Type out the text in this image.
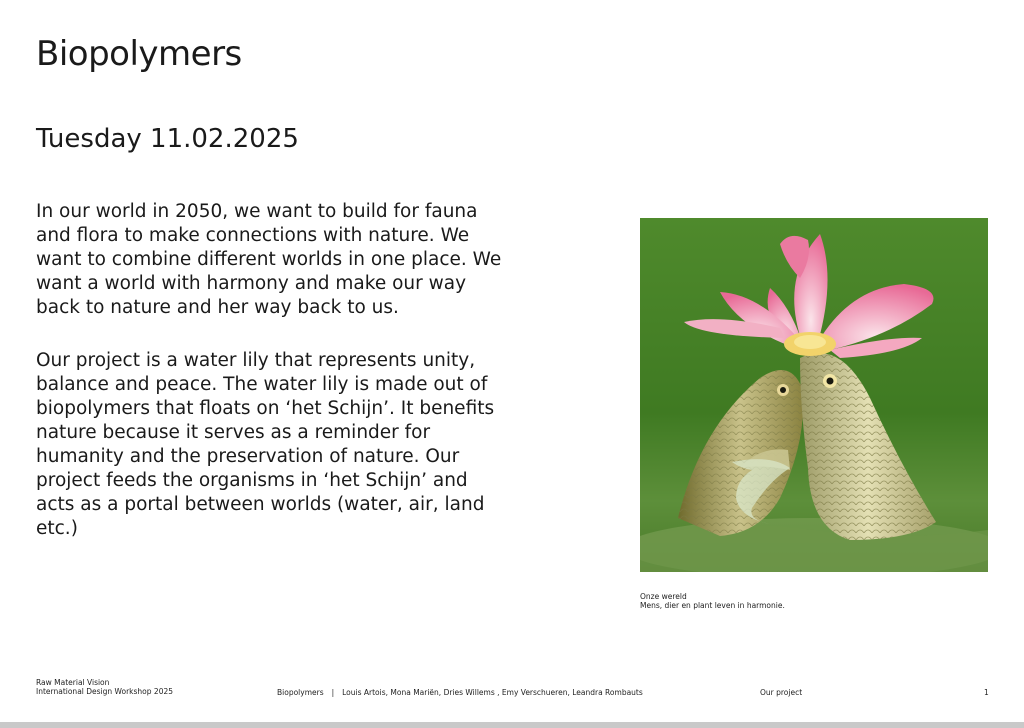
Biopolymers
Tuesday 11.02.2025

In our world in 2050, we want to build for fauna and flora to make connections with nature. We want to combine different worlds in one place. We want a world with harmony and make our way back to nature and her way back to us.

Our project is a water lily that represents unity, balance and peace. The water lily is made out of biopolymers that floats on ‘het Schijn’. It benefits nature because it serves as a reminder for humanity and the preservation of nature. Our project feeds the organisms in ‘het Schijn’ and acts as a portal between worlds (water, air, land etc.)

Onze wereld
Mens, dier en plant leven in harmonie.
Raw Material Vision
International Design Workshop 2025	Biopolymers | Louis Artois, Mona Mariën, Dries Willems , Emy Verschueren, Leandra Rombauts	Our project	1
